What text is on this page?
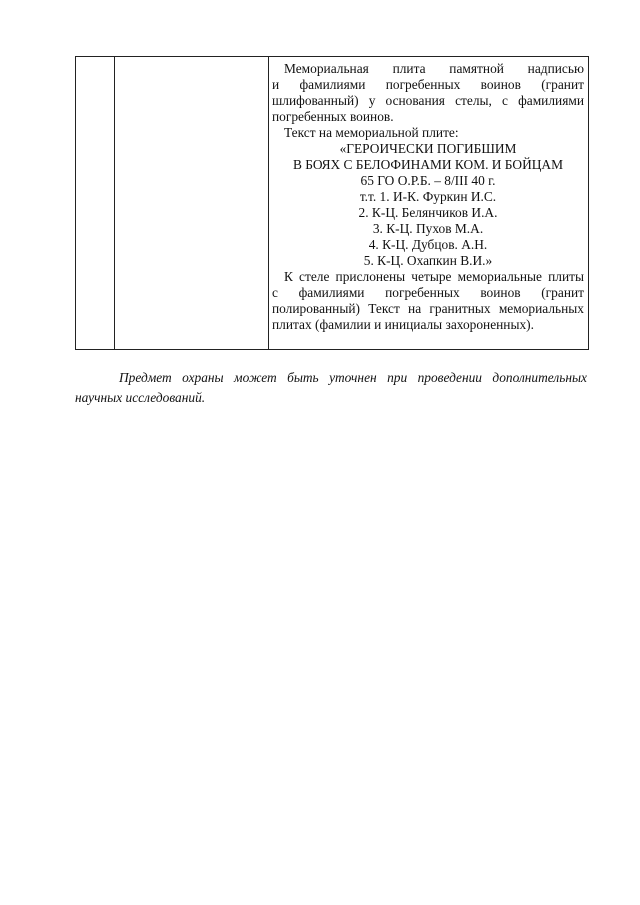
Мемориальная плита памятной надписью

и фамилиями погребенных воинов (гранит
шлифованный) у основания стелы, с фамилиями
погребенных воинов.

Текст на мемориальной плите:

«ГЕРОИЧЕСКИ ПОГИБШИМ

В БОЯХ С БЕЛОФИНАМИ КОМ. И БОЙЦАМ

65 ГО О.Р.Б. – 8/III 40 г.

т.т. 1. И-К. Фуркин И.С.

2. К-Ц. Белянчиков И.А.

3. К-Ц. Пухов М.А.

4. К-Ц. Дубцов. А.Н.

5. К-Ц. Охапкин В.И.»

К стеле прислонены четыре мемориальные плиты

с фамилиями погребенных воинов (гранит
полированный) Текст на гранитных мемориальных
плитах (фамилии и инициалы захороненных).

Предмет охраны может быть уточнен при проведении дополнительных
научных исследований.
